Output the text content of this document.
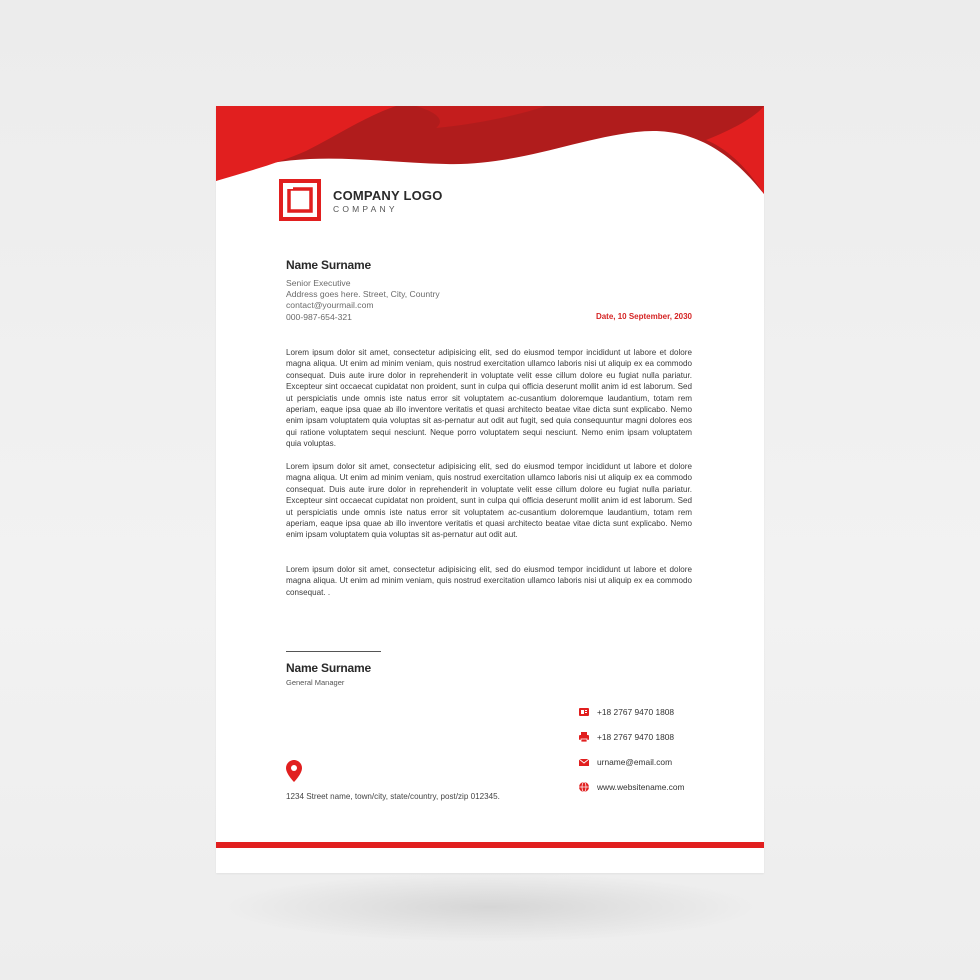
COMPANY LOGO
COMPANY
Name Surname
Senior Executive
Address goes here. Street, City, Country
contact@yourmail.com
000-987-654-321	Date, 10 September, 2030

Lorem ipsum dolor sit amet, consectetur adipisicing elit, sed do eiusmod tempor incididunt ut labore et dolore magna aliqua. Ut enim ad minim veniam, quis nostrud exercitation ullamco laboris nisi ut aliquip ex ea commodo consequat. Duis aute irure dolor in reprehenderit in voluptate velit esse cillum dolore eu fugiat nulla pariatur. Excepteur sint occaecat cupidatat non proident, sunt in culpa qui officia deserunt mollit anim id est laborum. Sed ut perspiciatis unde omnis iste natus error sit voluptatem ac-cusantium doloremque laudantium, totam rem aperiam, eaque ipsa quae ab illo inventore veritatis et quasi architecto beatae vitae dicta sunt explicabo. Nemo enim ipsam voluptatem quia voluptas sit as-pernatur aut odit aut fugit, sed quia consequuntur magni dolores eos qui ratione voluptatem sequi nesciunt. Neque porro voluptatem sequi nesciunt. Nemo enim ipsam voluptatem quia voluptas.

Lorem ipsum dolor sit amet, consectetur adipisicing elit, sed do eiusmod tempor incididunt ut labore et dolore magna aliqua. Ut enim ad minim veniam, quis nostrud exercitation ullamco laboris nisi ut aliquip ex ea commodo consequat. Duis aute irure dolor in reprehenderit in voluptate velit esse cillum dolore eu fugiat nulla pariatur. Excepteur sint occaecat cupidatat non proident, sunt in culpa qui officia deserunt mollit anim id est laborum. Sed ut perspiciatis unde omnis iste natus error sit voluptatem ac-cusantium doloremque laudantium, totam rem aperiam, eaque ipsa quae ab illo inventore veritatis et quasi architecto beatae vitae dicta sunt explicabo. Nemo enim ipsam voluptatem quia voluptas sit as-pernatur aut odit aut.

Lorem ipsum dolor sit amet, consectetur adipisicing elit, sed do eiusmod tempor incididunt ut labore et dolore magna aliqua. Ut enim ad minim veniam, quis nostrud exercitation ullamco laboris nisi ut aliquip ex ea commodo consequat. .

Name Surname
General Manager
+18 2767 9470 1808
+18 2767 9470 1808
urname@email.com
www.websitename.com
1234 Street name, town/city, state/country, post/zip 012345.
